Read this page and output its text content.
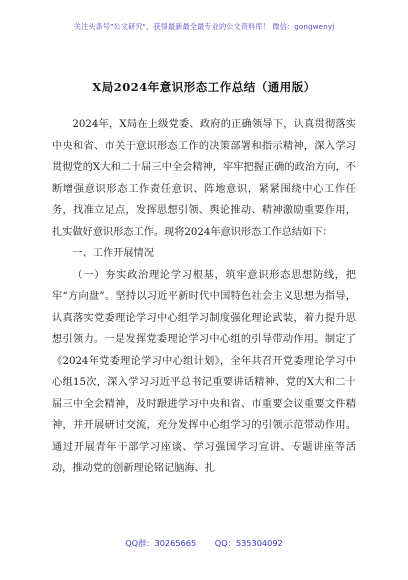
关注头条号"公文研究"，获得最新最全最专业的公文资料库！ 微信：gongwenyj
X局2024年意识形态工作总结（通用版）

2024年，X局在上级党委、政府的正确领导下，认真贯彻落实中央和省、市关于意识形态工作的决策部署和指示精神，深入学习贯彻党的X大和二十届三中全会精神，牢牢把握正确的政治方向，不断增强意识形态工作责任意识、阵地意识，紧紧围绕中心工作任务，找准立足点，发挥思想引领、舆论推动、精神激励重要作用，扎实做好意识形态工作。现将2024年意识形态工作总结如下：

一、工作开展情况

（一）夯实政治理论学习根基，筑牢意识形态思想防线，把牢“方向盘”。坚持以习近平新时代中国特色社会主义思想为指导，认真落实党委理论学习中心组学习制度强化理论武装，着力提升思想引领力。一是发挥党委理论学习中心组的引导带动作用。制定了《2024年党委理论学习中心组计划》，全年共召开党委理论学习中心组15次，深入学习习近平总书记重要讲话精神、党的X大和二十届三中全会精神，及时跟进学习中央和省、市重要会议重要文件精神，并开展研讨交流，充分发挥中心组学习的引领示范带动作用。通过开展青年干部学习座谈、学习强国学习宣讲、专题讲座等活动，推动党的创新理论铭记脑海、扎

QQ群：30265665 QQ：535304092
